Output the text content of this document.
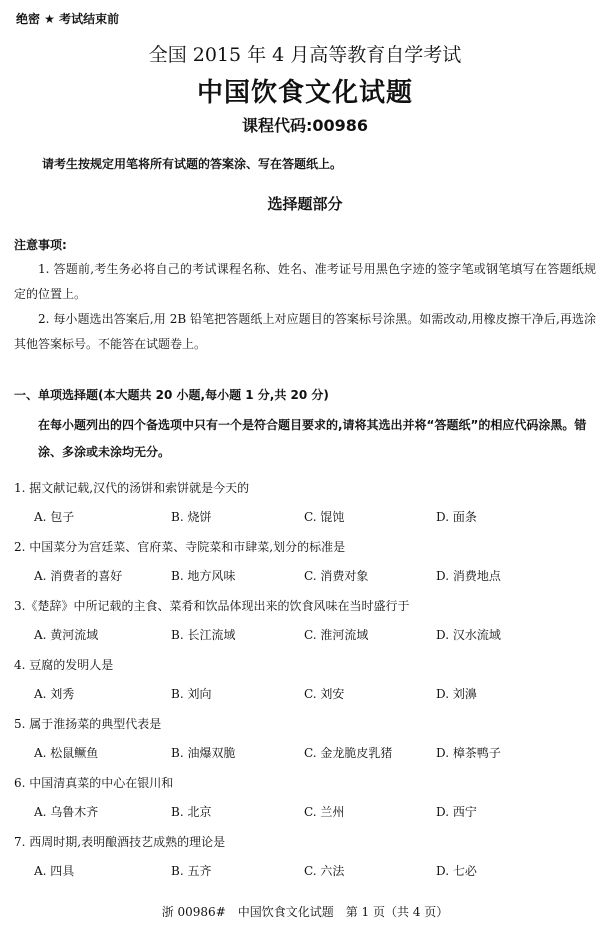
绝密 ★ 考试结束前
全国 2015 年 4 月高等教育自学考试
中国饮食文化试题
课程代码:00986
请考生按规定用笔将所有试题的答案涂、写在答题纸上。
选择题部分
注意事项:
1. 答题前,考生务必将自己的考试课程名称、姓名、准考证号用黑色字迹的签字笔或钢笔填写在答题纸规定的位置上。
2. 每小题选出答案后,用 2B 铅笔把答题纸上对应题目的答案标号涂黑。如需改动,用橡皮擦干净后,再选涂其他答案标号。不能答在试题卷上。
一、单项选择题(本大题共 20 小题,每小题 1 分,共 20 分)
在每小题列出的四个备选项中只有一个是符合题目要求的,请将其选出并将“答题纸”的相应代码涂黑。错涂、多涂或未涂均无分。
1. 据文献记载,汉代的汤饼和索饼就是今天的
A. 包子	B. 烧饼	C. 馄饨	D. 面条
2. 中国菜分为宫廷菜、官府菜、寺院菜和市肆菜,划分的标准是
A. 消费者的喜好	B. 地方风味	C. 消费对象	D. 消费地点
3.《楚辞》中所记载的主食、菜肴和饮品体现出来的饮食风味在当时盛行于
A. 黄河流域	B. 长江流域	C. 淮河流域	D. 汉水流域
4. 豆腐的发明人是
A. 刘秀	B. 刘向	C. 刘安	D. 刘濞
5. 属于淮扬菜的典型代表是
A. 松鼠鳜鱼	B. 油爆双脆	C. 金龙脆皮乳猪	D. 樟茶鸭子
6. 中国清真菜的中心在银川和
A. 乌鲁木齐	B. 北京	C. 兰州	D. 西宁
7. 西周时期,表明酿酒技艺成熟的理论是
A. 四具	B. 五齐	C. 六法	D. 七必
浙 00986#　中国饮食文化试题　第 1 页（共 4 页）
